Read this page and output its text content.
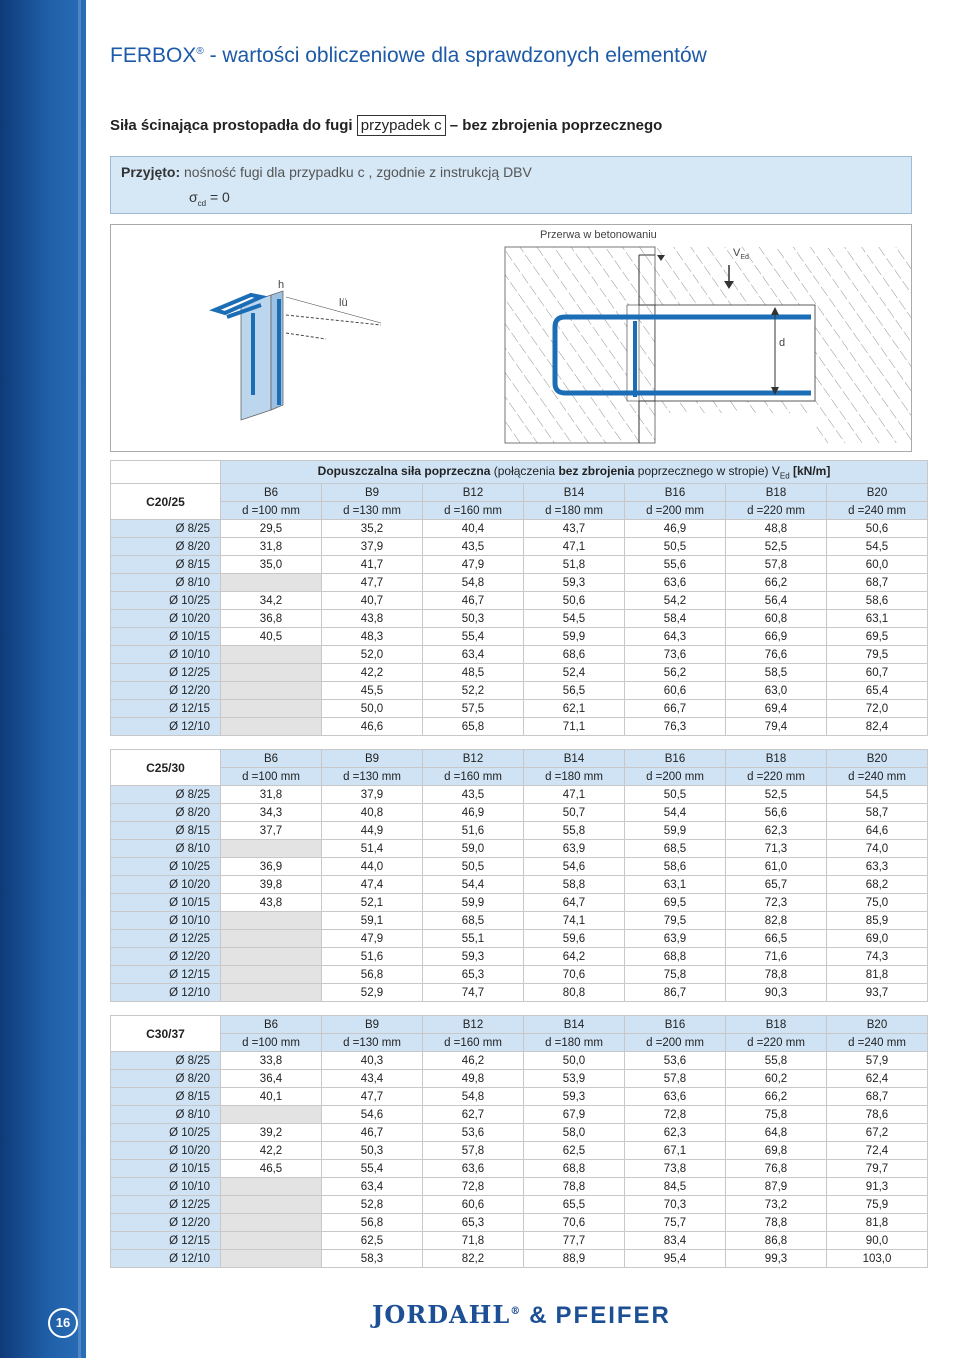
16
FERBOX® - wartości obliczeniowe dla sprawdzonych elementów
Siła ścinająca prostopadła do fugi przypadek c – bez zbrojenia poprzecznego
Przyjęto: nośność fugi dla przypadku c , zgodnie z instrukcją DBV
$\sigma_{cd} = 0$
Przerwa w betonowaniu
$V_{Ed}$
h
lü
d
	Dopuszczalna siła poprzeczna (połączenia bez zbrojenia poprzecznego w stropie) $V_{Ed}$ [kN/m]						
C20/25	B6	B9	B12	B14	B16	B18	B20
	d =100 mm	d =130 mm	d =160 mm	d =180 mm	d =200 mm	d =220 mm	d =240 mm
Ø 8/25	29,5	35,2	40,4	43,7	46,9	48,8	50,6
Ø 8/20	31,8	37,9	43,5	47,1	50,5	52,5	54,5
Ø 8/15	35,0	41,7	47,9	51,8	55,6	57,8	60,0
Ø 8/10		47,7	54,8	59,3	63,6	66,2	68,7
Ø 10/25	34,2	40,7	46,7	50,6	54,2	56,4	58,6
Ø 10/20	36,8	43,8	50,3	54,5	58,4	60,8	63,1
Ø 10/15	40,5	48,3	55,4	59,9	64,3	66,9	69,5
Ø 10/10		52,0	63,4	68,6	73,6	76,6	79,5
Ø 12/25		42,2	48,5	52,4	56,2	58,5	60,7
Ø 12/20		45,5	52,2	56,5	60,6	63,0	65,4
Ø 12/15		50,0	57,5	62,1	66,7	69,4	72,0
Ø 12/10		46,6	65,8	71,1	76,3	79,4	82,4
C25/30	B6	B9	B12	B14	B16	B18	B20
	d =100 mm	d =130 mm	d =160 mm	d =180 mm	d =200 mm	d =220 mm	d =240 mm
Ø 8/25	31,8	37,9	43,5	47,1	50,5	52,5	54,5
Ø 8/20	34,3	40,8	46,9	50,7	54,4	56,6	58,7
Ø 8/15	37,7	44,9	51,6	55,8	59,9	62,3	64,6
Ø 8/10		51,4	59,0	63,9	68,5	71,3	74,0
Ø 10/25	36,9	44,0	50,5	54,6	58,6	61,0	63,3
Ø 10/20	39,8	47,4	54,4	58,8	63,1	65,7	68,2
Ø 10/15	43,8	52,1	59,9	64,7	69,5	72,3	75,0
Ø 10/10		59,1	68,5	74,1	79,5	82,8	85,9
Ø 12/25		47,9	55,1	59,6	63,9	66,5	69,0
Ø 12/20		51,6	59,3	64,2	68,8	71,6	74,3
Ø 12/15		56,8	65,3	70,6	75,8	78,8	81,8
Ø 12/10		52,9	74,7	80,8	86,7	90,3	93,7
C30/37	B6	B9	B12	B14	B16	B18	B20
	d =100 mm	d =130 mm	d =160 mm	d =180 mm	d =200 mm	d =220 mm	d =240 mm
Ø 8/25	33,8	40,3	46,2	50,0	53,6	55,8	57,9
Ø 8/20	36,4	43,4	49,8	53,9	57,8	60,2	62,4
Ø 8/15	40,1	47,7	54,8	59,3	63,6	66,2	68,7
Ø 8/10		54,6	62,7	67,9	72,8	75,8	78,6
Ø 10/25	39,2	46,7	53,6	58,0	62,3	64,8	67,2
Ø 10/20	42,2	50,3	57,8	62,5	67,1	69,8	72,4
Ø 10/15	46,5	55,4	63,6	68,8	73,8	76,8	79,7
Ø 10/10		63,4	72,8	78,8	84,5	87,9	91,3
Ø 12/25		52,8	60,6	65,5	70,3	73,2	75,9
Ø 12/20		56,8	65,3	70,6	75,7	78,8	81,8
Ø 12/15		62,5	71,8	77,7	83,4	86,8	90,0
Ø 12/10		58,3	82,2	88,9	95,4	99,3	103,0
JORDAHL® & PFEIFER
